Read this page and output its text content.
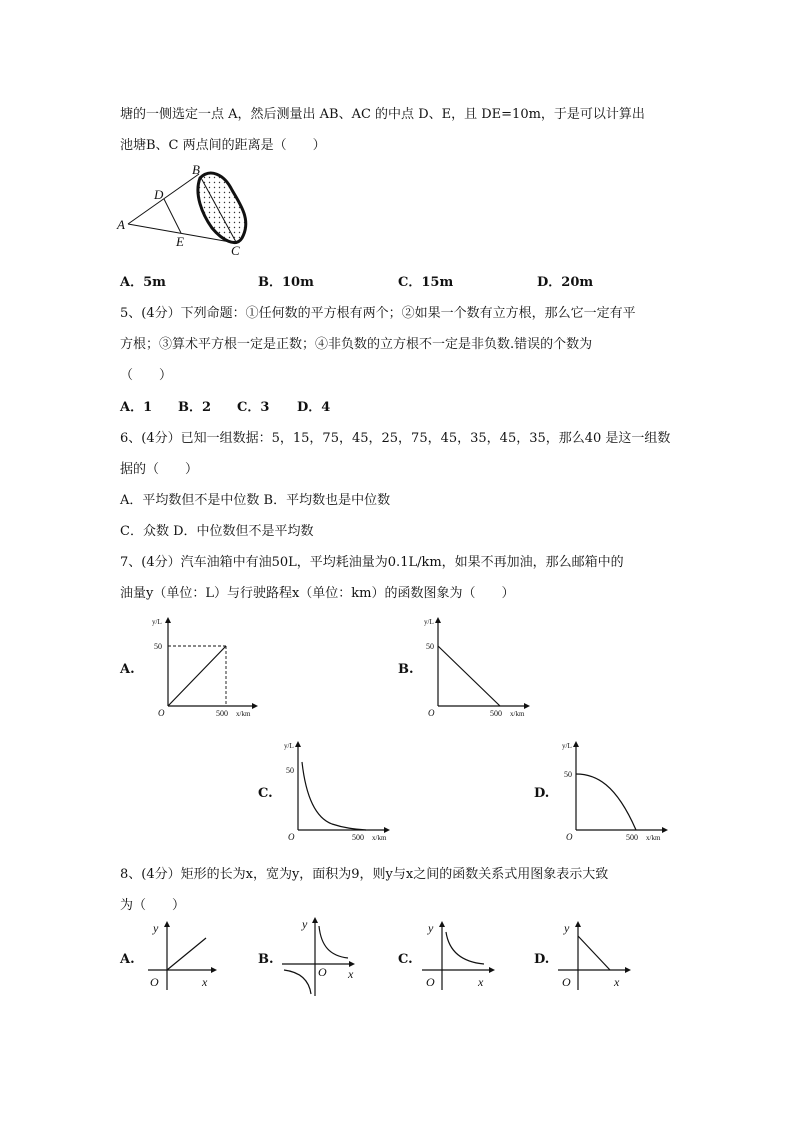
塘的一侧选定一点 A，然后测量出 AB、AC 的中点 D、E，且 DE=10m，于是可以计算出
池塘B、C 两点间的距离是（　　）
A
B
C
D
E
A．5m	B．10m	C．15m	D．20m
5、(4分）下列命题：①任何数的平方根有两个；②如果一个数有立方根，那么它一定有平
方根；③算术平方根一定是正数；④非负数的立方根不一定是非负数.错误的个数为
（　　）
A．1 B．2 C．3 D．4
6、(4分）已知一组数据：5，15，75，45，25，75，45，35，45，35，那么40 是这一组数
据的（　　）
A．平均数但不是中位数 B．平均数也是中位数
C．众数 D．中位数但不是平均数
7、(4分）汽车油箱中有油50L，平均耗油量为0.1L/km，如果不再加油，那么邮箱中的
油量y（单位：L）与行驶路程x（单位：km）的函数图象为（　　）
A.
y/L
50
O	500 x/km
B.
y/L
50
O	500 x/km
C.
y/L
50
O	500 x/km
D.
y/L
50
O	500 x/km
8、(4分）矩形的长为x，宽为y，面积为9，则y与x之间的函数关系式用图象表示大致
为（　　）
A.
y
O	x
B.
y
O x
C.
y
O	x
D.
y
O	x
